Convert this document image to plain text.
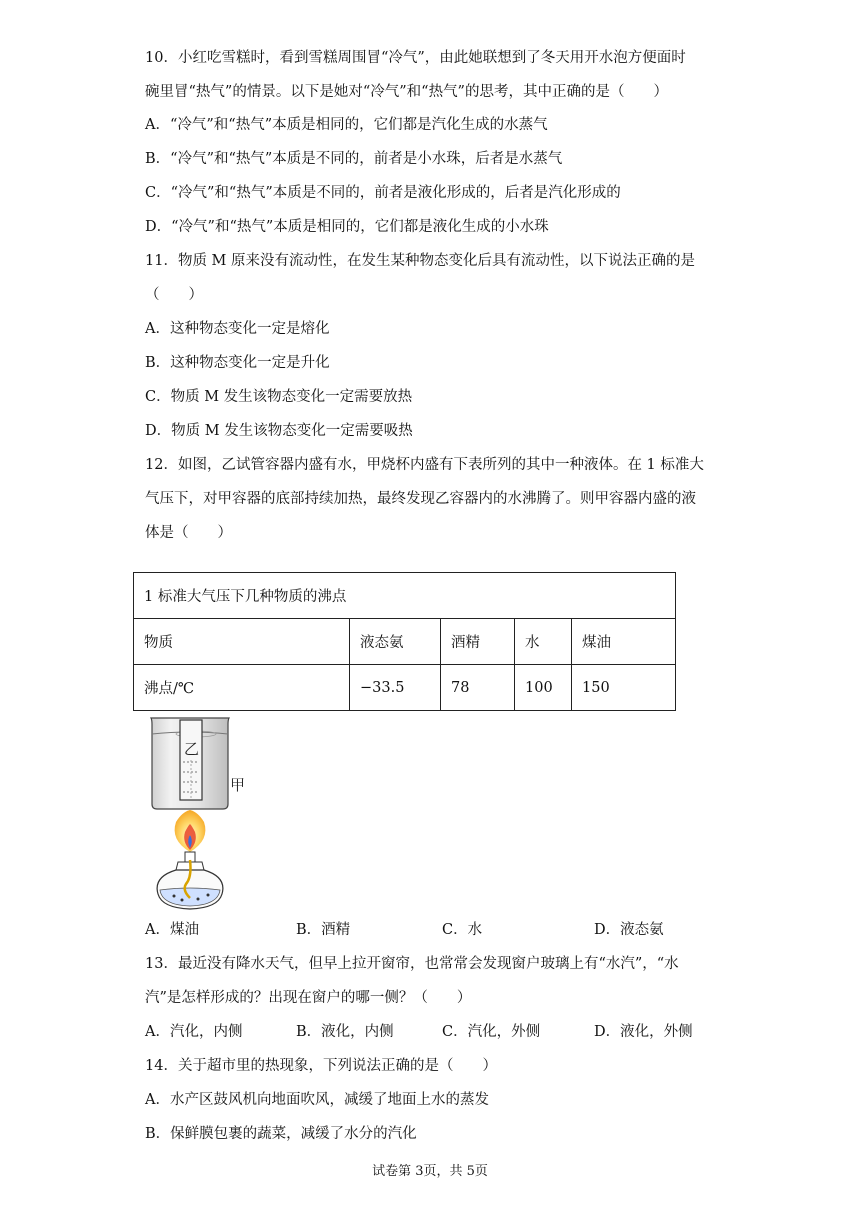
10．小红吃雪糕时，看到雪糕周围冒“冷气”，由此她联想到了冬天用开水泡方便面时
碗里冒“热气”的情景。以下是她对“冷气”和“热气”的思考，其中正确的是（　　）
A．“冷气”和“热气”本质是相同的，它们都是汽化生成的水蒸气
B．“冷气”和“热气”本质是不同的，前者是小水珠，后者是水蒸气
C．“冷气”和“热气”本质是不同的，前者是液化形成的，后者是汽化形成的
D．“冷气”和“热气”本质是相同的，它们都是液化生成的小水珠
11．物质 M 原来没有流动性，在发生某种物态变化后具有流动性，以下说法正确的是
（　　）
A．这种物态变化一定是熔化
B．这种物态变化一定是升化
C．物质 M 发生该物态变化一定需要放热
D．物质 M 发生该物态变化一定需要吸热
12．如图，乙试管容器内盛有水，甲烧杯内盛有下表所列的其中一种液体。在 1 标准大
气压下，对甲容器的底部持续加热，最终发现乙容器内的水沸腾了。则甲容器内盛的液
体是（　　）
1 标准大气压下几种物质的沸点				
物质	液态氨	酒精	水	煤油
沸点/℃	−33.5	78	100	150
乙
甲
A．煤油	B．酒精	C．水	D．液态氨
13．最近没有降水天气，但早上拉开窗帘，也常常会发现窗户玻璃上有“水汽”，“水
汽”是怎样形成的？出现在窗户的哪一侧？（　　）
A．汽化，内侧	B．液化，内侧	C．汽化，外侧	D．液化，外侧
14．关于超市里的热现象，下列说法正确的是（　　）
A．水产区鼓风机向地面吹风，减缓了地面上水的蒸发
B．保鲜膜包裹的蔬菜，减缓了水分的汽化
试卷第 3页，共 5页
